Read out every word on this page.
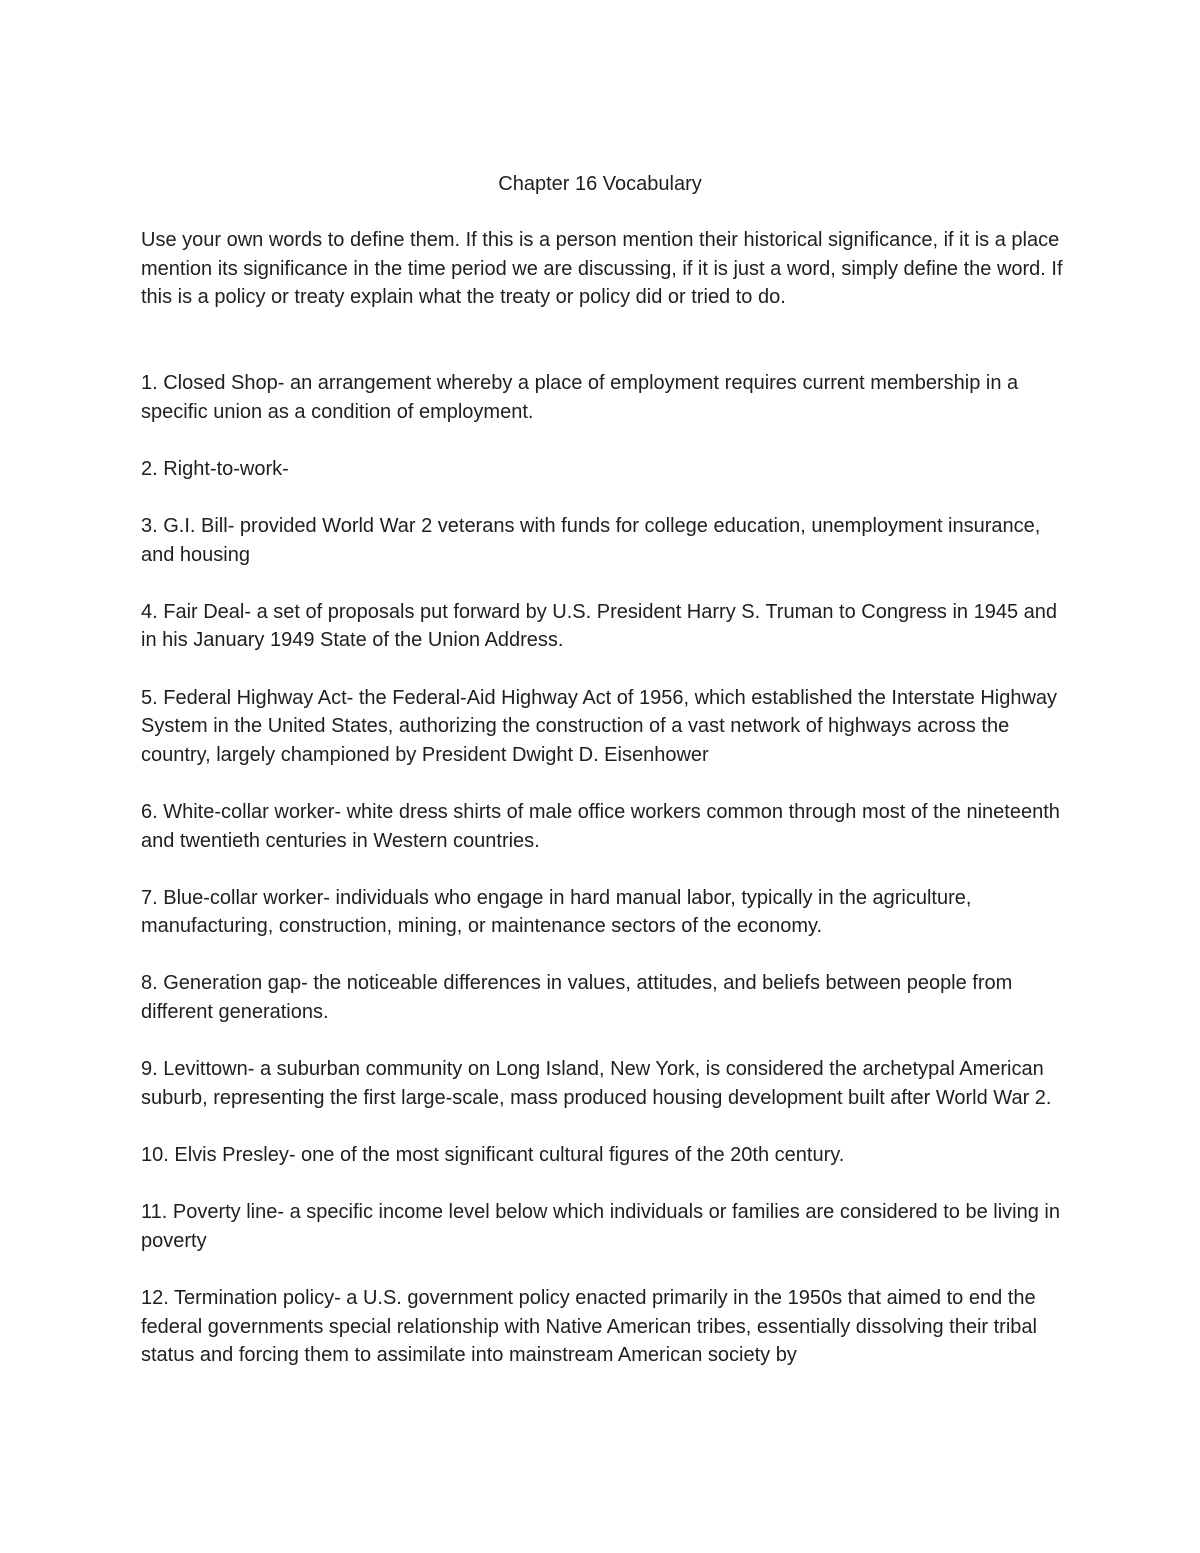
Chapter 16 Vocabulary

Use your own words to define them. If this is a person mention their historical significance, if it is a place mention its significance in the time period we are discussing, if it is just a word, simply define the word. If this is a policy or treaty explain what the treaty or policy did or tried to do.

1. Closed Shop- an arrangement whereby a place of employment requires current membership in a specific union as a condition of employment.
2. Right-to-work-
3. G.I. Bill- provided World War 2 veterans with funds for college education, unemployment insurance, and housing
4. Fair Deal- a set of proposals put forward by U.S. President Harry S. Truman to Congress in 1945 and in his January 1949 State of the Union Address.
5. Federal Highway Act- the Federal-Aid Highway Act of 1956, which established the Interstate Highway System in the United States, authorizing the construction of a vast network of highways across the country, largely championed by President Dwight D. Eisenhower
6. White-collar worker- white dress shirts of male office workers common through most of the nineteenth and twentieth centuries in Western countries.
7. Blue-collar worker- individuals who engage in hard manual labor, typically in the agriculture, manufacturing, construction, mining, or maintenance sectors of the economy.
8. Generation gap- the noticeable differences in values, attitudes, and beliefs between people from different generations.
9. Levittown- a suburban community on Long Island, New York, is considered the archetypal American suburb, representing the first large-scale, mass produced housing development built after World War 2.
10. Elvis Presley- one of the most significant cultural figures of the 20th century.
11. Poverty line- a specific income level below which individuals or families are considered to be living in poverty
12. Termination policy- a U.S. government policy enacted primarily in the 1950s that aimed to end the federal governments special relationship with Native American tribes, essentially dissolving their tribal status and forcing them to assimilate into mainstream American society by
